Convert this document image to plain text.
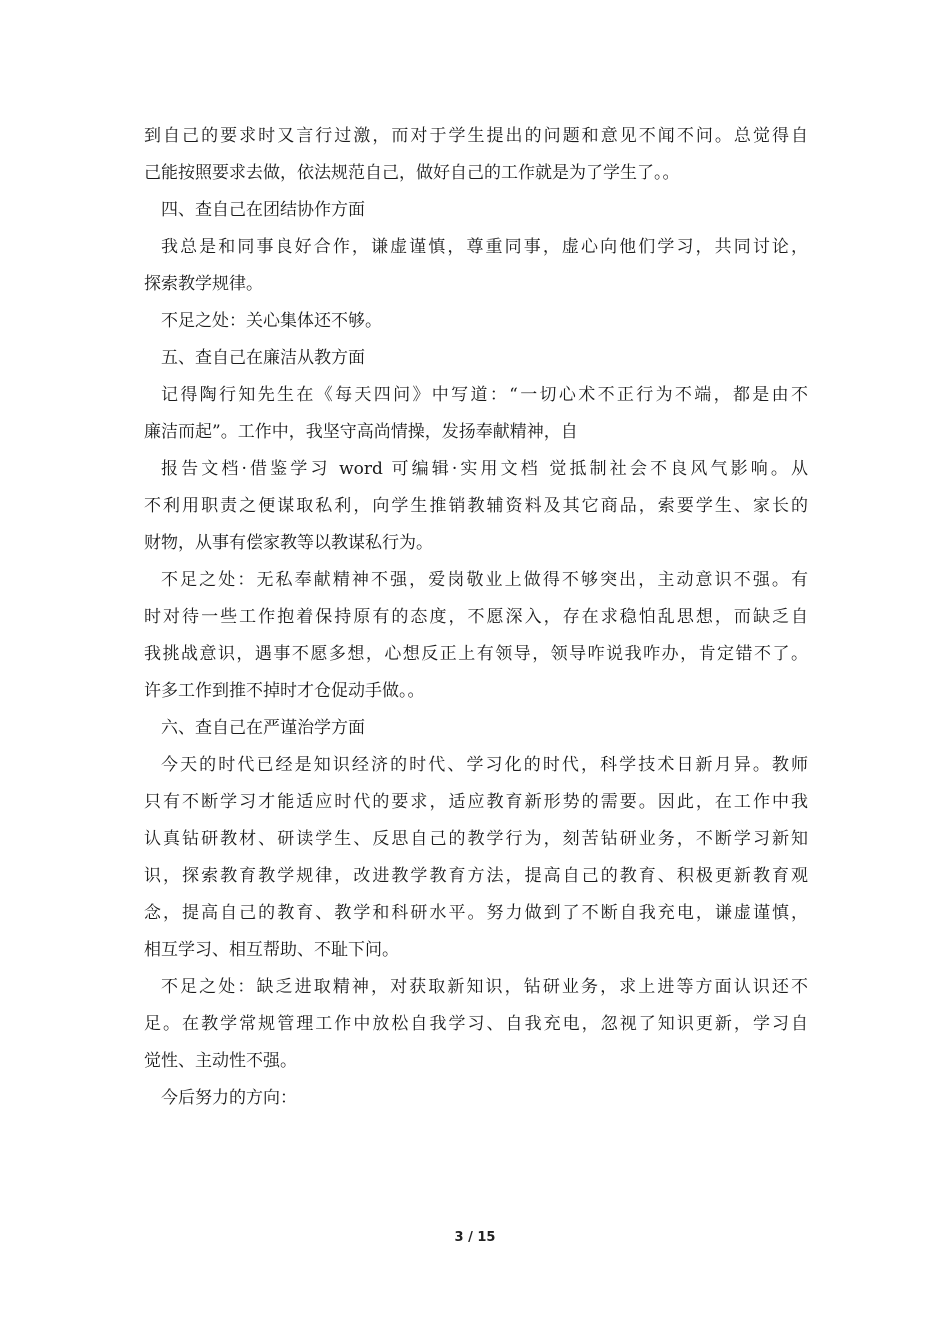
到自己的要求时又言行过激，而对于学生提出的问题和意见不闻不问。总觉得自

己能按照要求去做，依法规范自己，做好自己的工作就是为了学生了。。

四、查自己在团结协作方面

我总是和同事良好合作，谦虚谨慎，尊重同事，虚心向他们学习，共同讨论，

探索教学规律。

不足之处：关心集体还不够。

五、查自己在廉洁从教方面

记得陶行知先生在《每天四问》中写道：“一切心术不正行为不端，都是由不

廉洁而起”。工作中，我坚守高尚情操，发扬奉献精神，自

报告文档·借鉴学习 word 可编辑·实用文档 觉抵制社会不良风气影响。从

不利用职责之便谋取私利，向学生推销教辅资料及其它商品，索要学生、家长的

财物，从事有偿家教等以教谋私行为。

不足之处：无私奉献精神不强，爱岗敬业上做得不够突出，主动意识不强。有

时对待一些工作抱着保持原有的态度，不愿深入，存在求稳怕乱思想，而缺乏自

我挑战意识，遇事不愿多想，心想反正上有领导，领导咋说我咋办，肯定错不了。

许多工作到推不掉时才仓促动手做。。

六、查自己在严谨治学方面

今天的时代已经是知识经济的时代、学习化的时代，科学技术日新月异。教师

只有不断学习才能适应时代的要求，适应教育新形势的需要。因此，在工作中我

认真钻研教材、研读学生、反思自己的教学行为，刻苦钻研业务，不断学习新知

识，探索教育教学规律，改进教学教育方法，提高自己的教育、积极更新教育观

念，提高自己的教育、教学和科研水平。努力做到了不断自我充电，谦虚谨慎，

相互学习、相互帮助、不耻下问。

不足之处：缺乏进取精神，对获取新知识，钻研业务，求上进等方面认识还不

足。在教学常规管理工作中放松自我学习、自我充电，忽视了知识更新，学习自

觉性、主动性不强。

今后努力的方向：

3 / 15
